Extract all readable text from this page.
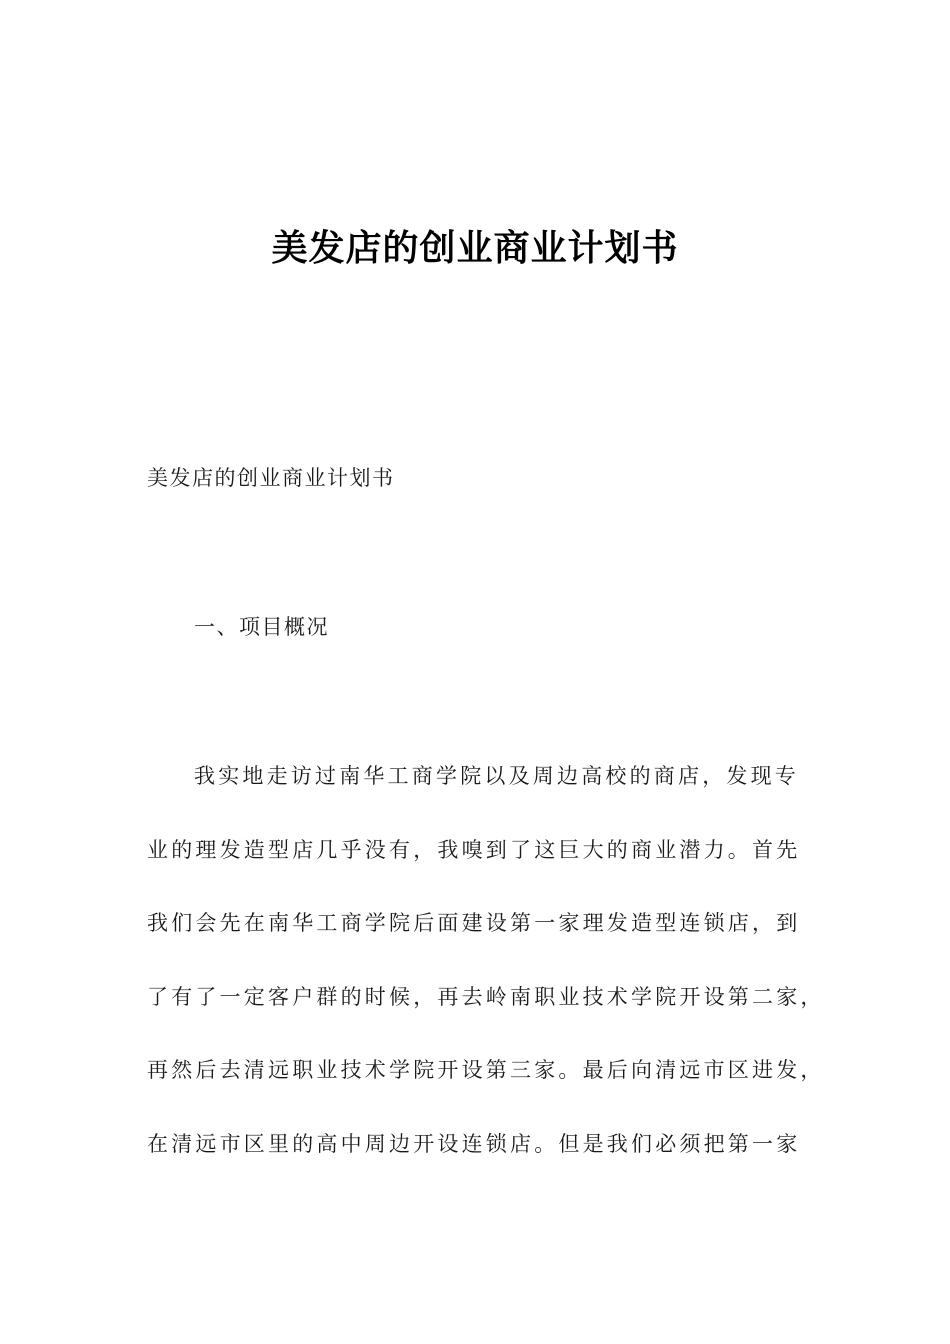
美发店的创业商业计划书

美发店的创业商业计划书

一、项目概况

我实地走访过南华工商学院以及周边高校的商店，发现专
业的理发造型店几乎没有，我嗅到了这巨大的商业潜力。首先
我们会先在南华工商学院后面建设第一家理发造型连锁店，到
了有了一定客户群的时候，再去岭南职业技术学院开设第二家，
再然后去清远职业技术学院开设第三家。最后向清远市区进发，
在清远市区里的高中周边开设连锁店。但是我们必须把第一家
